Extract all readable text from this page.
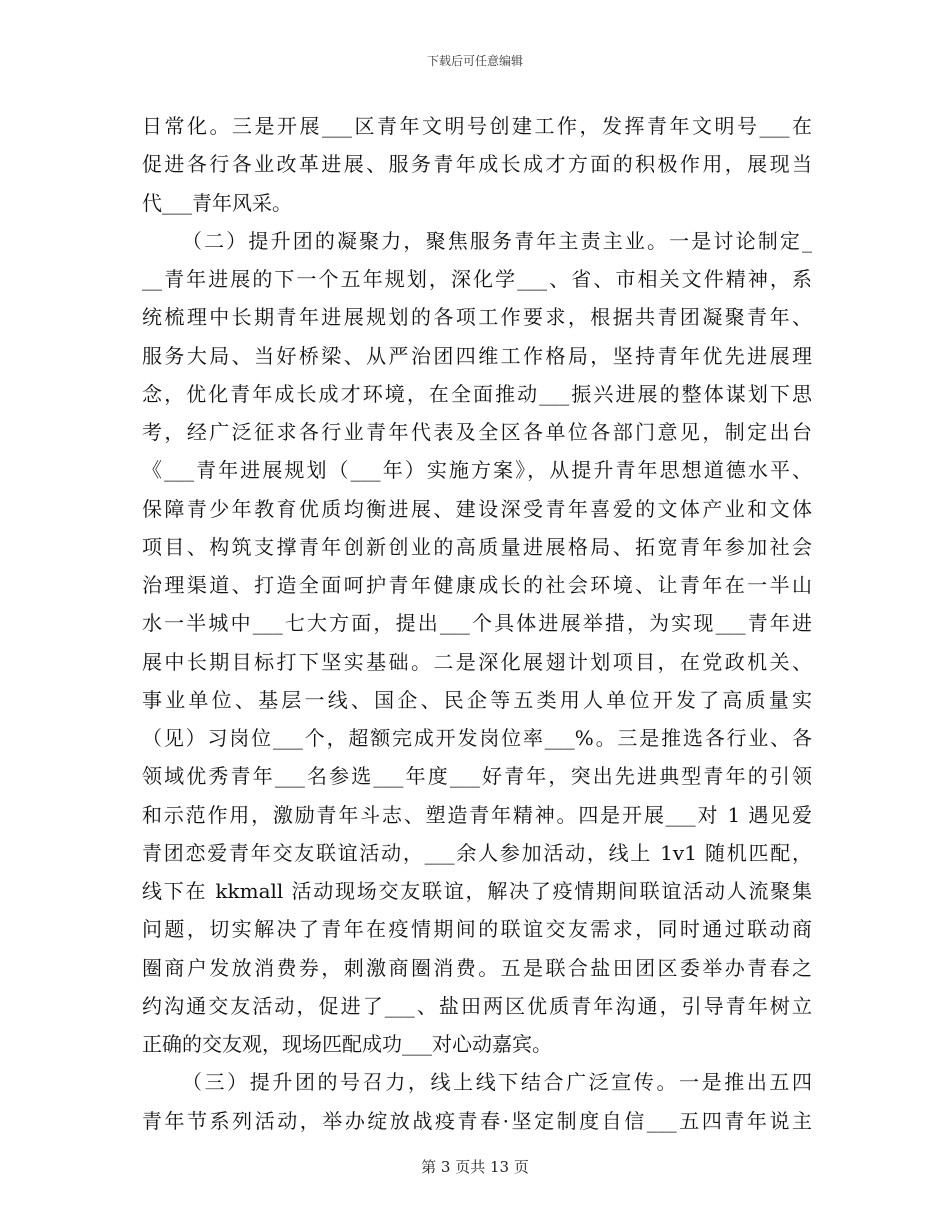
下载后可任意编辑
日常化。三是开展___区青年文明号创建工作，发挥青年文明号___在
促进各行各业改革进展、服务青年成长成才方面的积极作用，展现当
代___青年风采。
（二）提升团的凝聚力，聚焦服务青年主责主业。一是讨论制定_
__青年进展的下一个五年规划，深化学___、省、市相关文件精神，系
统梳理中长期青年进展规划的各项工作要求，根据共青团凝聚青年、
服务大局、当好桥梁、从严治团四维工作格局，坚持青年优先进展理
念，优化青年成长成才环境，在全面推动___振兴进展的整体谋划下思
考，经广泛征求各行业青年代表及全区各单位各部门意见，制定出台
《___青年进展规划（___年）实施方案》，从提升青年思想道德水平、
保障青少年教育优质均衡进展、建设深受青年喜爱的文体产业和文体
项目、构筑支撑青年创新创业的高质量进展格局、拓宽青年参加社会
治理渠道、打造全面呵护青年健康成长的社会环境、让青年在一半山
水一半城中___七大方面，提出___个具体进展举措，为实现___青年进
展中长期目标打下坚实基础。二是深化展翅计划项目，在党政机关、
事业单位、基层一线、国企、民企等五类用人单位开发了高质量实
（见）习岗位___个，超额完成开发岗位率___%。三是推选各行业、各
领域优秀青年___名参选___年度___好青年，突出先进典型青年的引领
和示范作用，激励青年斗志、塑造青年精神。四是开展___对 1 遇见爱
青团恋爱青年交友联谊活动，___余人参加活动，线上 1v1 随机匹配，
线下在 kkmall 活动现场交友联谊，解决了疫情期间联谊活动人流聚集
问题，切实解决了青年在疫情期间的联谊交友需求，同时通过联动商
圈商户发放消费券，刺激商圈消费。五是联合盐田团区委举办青春之
约沟通交友活动，促进了___、盐田两区优质青年沟通，引导青年树立
正确的交友观，现场匹配成功___对心动嘉宾。
（三）提升团的号召力，线上线下结合广泛宣传。一是推出五四
青年节系列活动，举办绽放战疫青春·坚定制度自信___五四青年说主
第 3 页共 13 页
